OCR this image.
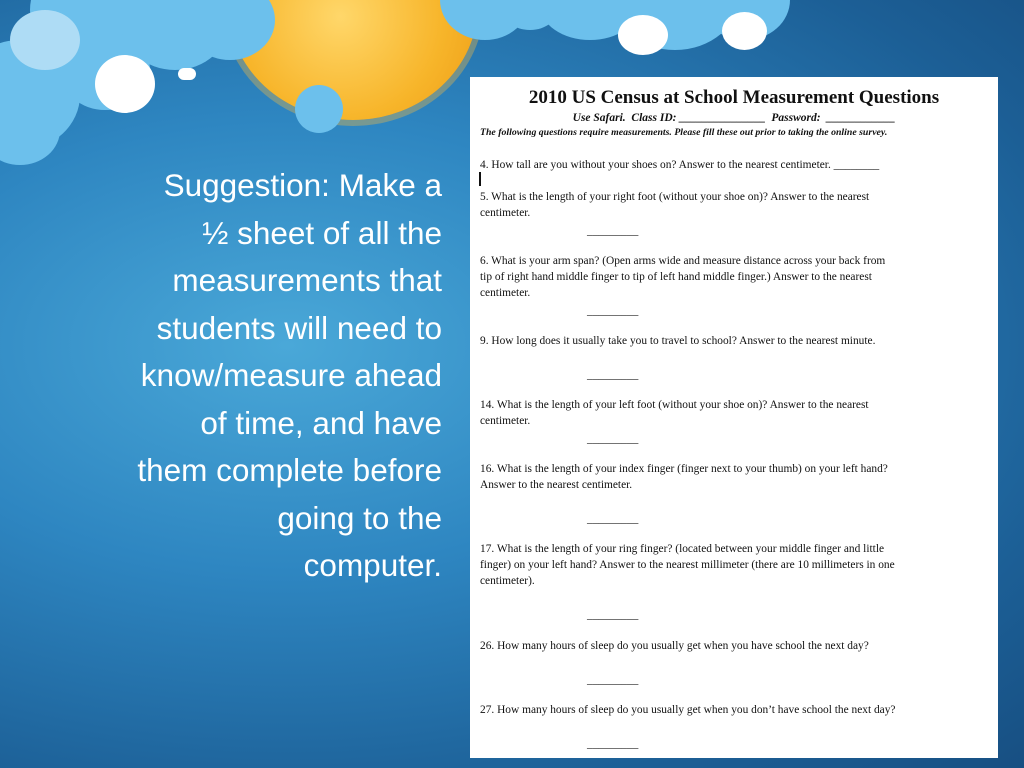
Suggestion: Make a
½ sheet of all the
measurements that
students will need to
know/measure ahead
of time, and have
them complete before
going to the
computer.
2010 US Census at School Measurement Questions
Use Safari.  Class ID: _______________  Password:  ____________
The following questions require measurements. Please fill these out prior to taking the online survey.
4. How tall are you without your shoes on? Answer to the nearest centimeter. ________
5. What is the length of your right foot (without your shoe on)? Answer to the nearest
centimeter.
_________
6. What is your arm span? (Open arms wide and measure distance across your back from
tip of right hand middle finger to tip of left hand middle finger.) Answer to the nearest
centimeter.
_________
9. How long does it usually take you to travel to school? Answer to the nearest minute.
_________
14. What is the length of your left foot (without your shoe on)? Answer to the nearest
centimeter.
_________
16. What is the length of your index finger (finger next to your thumb) on your left hand?
Answer to the nearest centimeter.
_________
17. What is the length of your ring finger? (located between your middle finger and little
finger) on your left hand? Answer to the nearest millimeter (there are 10 millimeters in one
centimeter).
_________
26. How many hours of sleep do you usually get when you have school the next day?
_________
27. How many hours of sleep do you usually get when you don’t have school the next day?
_________
